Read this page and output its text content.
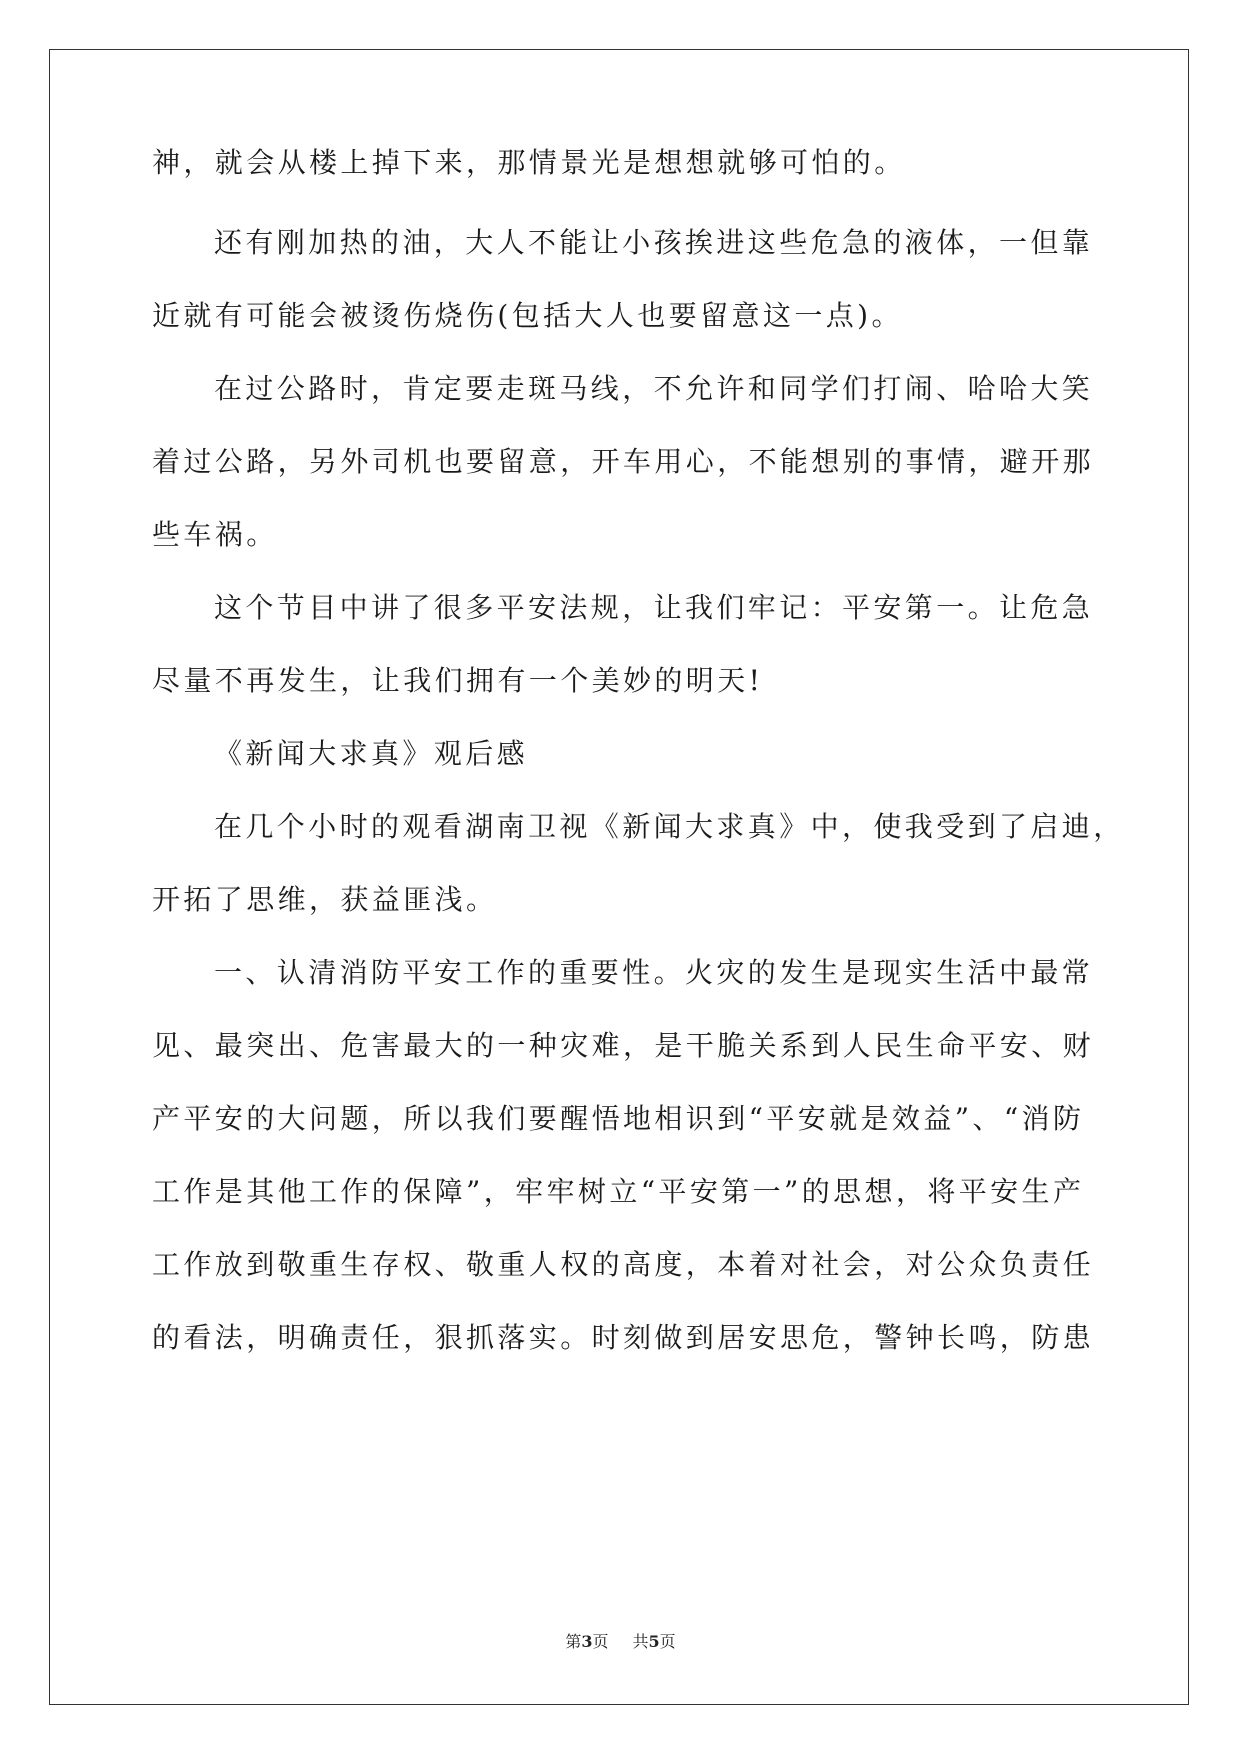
神，就会从楼上掉下来，那情景光是想想就够可怕的。
还有刚加热的油，大人不能让小孩挨进这些危急的液体，一但靠
近就有可能会被烫伤烧伤(包括大人也要留意这一点)。
在过公路时，肯定要走斑马线，不允许和同学们打闹、哈哈大笑
着过公路，另外司机也要留意，开车用心，不能想别的事情，避开那
些车祸。
这个节目中讲了很多平安法规，让我们牢记：平安第一。让危急
尽量不再发生，让我们拥有一个美妙的明天!
《新闻大求真》观后感
在几个小时的观看湖南卫视《新闻大求真》中，使我受到了启迪，
开拓了思维，获益匪浅。
一、认清消防平安工作的重要性。火灾的发生是现实生活中最常
见、最突出、危害最大的一种灾难，是干脆关系到人民生命平安、财
产平安的大问题，所以我们要醒悟地相识到“平安就是效益”、“消防
工作是其他工作的保障”，牢牢树立“平安第一”的思想，将平安生产
工作放到敬重生存权、敬重人权的高度，本着对社会，对公众负责任
的看法，明确责任，狠抓落实。时刻做到居安思危，警钟长鸣，防患
第3页 共5页
